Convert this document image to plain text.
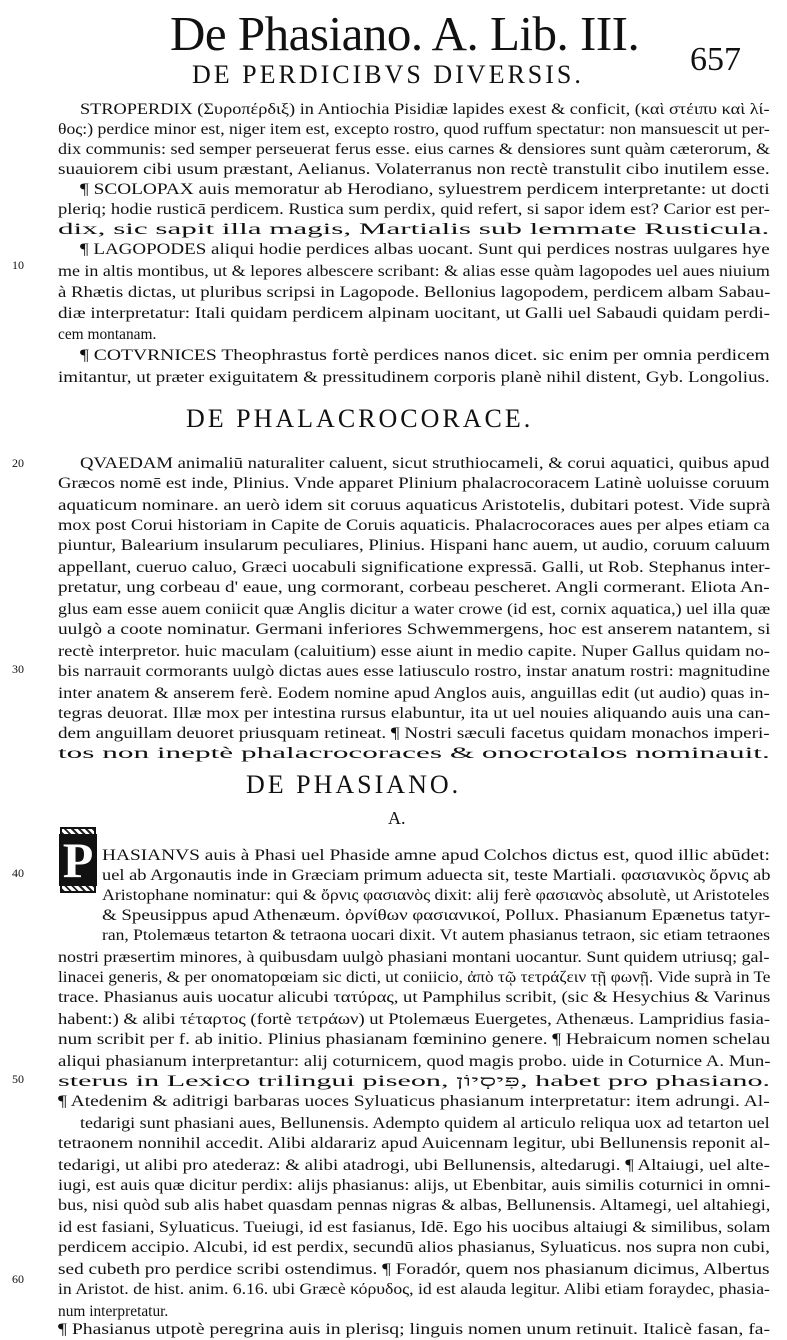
De Phasiano. A. Lib. III. 657
DE PERDICIBVS DIVERSIS.
DE PHALACROCORACE.
DE PHASIANO.
A.
P
10
20
30
40
50
60
STROPERDIX (Συροπέρδιξ) in Antiochia Pisidiæ lapides exest & conficit, (καὶ στέιπυ καὶ λί-
θος:) perdice minor est, niger item est, excepto rostro, quod ruffum spectatur: non mansuescit ut per-
dix communis: sed semper perseuerat ferus esse. eius carnes & densiores sunt quàm cæterorum, &
suauiorem cibi usum præstant, Aelianus. Volaterranus non rectè transtulit cibo inutilem esse.
¶ SCOLOPAX auis memoratur ab Herodiano, syluestrem perdicem interpretante: ut docti
pleriq; hodie rusticā perdicem. Rustica sum perdix, quid refert, si sapor idem est? Carior est per-
dix, sic sapit illa magis, Martialis sub lemmate Rusticula.
¶ LAGOPODES aliqui hodie perdices albas uocant. Sunt qui perdices nostras uulgares hye
me in altis montibus, ut & lepores albescere scribant: & alias esse quàm lagopodes uel aues niuium
à Rhætis dictas, ut pluribus scripsi in Lagopode. Bellonius lagopodem, perdicem albam Sabau-
diæ interpretatur: Itali quidam perdicem alpinam uocitant, ut Galli uel Sabaudi quidam perdi-
cem montanam.
¶ COTVRNICES Theophrastus fortè perdices nanos dicet. sic enim per omnia perdicem
imitantur, ut præter exiguitatem & pressitudinem corporis planè nihil distent, Gyb. Longolius.
QVAEDAM animaliū naturaliter caluent, sicut struthiocameli, & corui aquatici, quibus apud
Græcos nomē est inde, Plinius. Vnde apparet Plinium phalacrocoracem Latinè uoluisse coruum
aquaticum nominare. an uerò idem sit coruus aquaticus Aristotelis, dubitari potest. Vide suprà
mox post Corui historiam in Capite de Coruis aquaticis. Phalacrocoraces aues per alpes etiam ca
piuntur, Balearium insularum peculiares, Plinius. Hispani hanc auem, ut audio, coruum caluum
appellant, cueruo caluo, Græci uocabuli significatione expressā. Galli, ut Rob. Stephanus inter-
pretatur, ung corbeau d' eaue, ung cormorant, corbeau pescheret. Angli cormerant. Eliota An-
glus eam esse auem coniicit quæ Anglis dicitur a water crowe (id est, cornix aquatica,) uel illa quæ
uulgò a coote nominatur. Germani inferiores Schwemmergens, hoc est anserem natantem, si
rectè interpretor. huic maculam (caluitium) esse aiunt in medio capite. Nuper Gallus quidam no-
bis narrauit cormorants uulgò dictas aues esse latiusculo rostro, instar anatum rostri: magnitudine
inter anatem & anserem ferè. Eodem nomine apud Anglos auis, anguillas edit (ut audio) quas in-
tegras deuorat. Illæ mox per intestina rursus elabuntur, ita ut uel nouies aliquando auis una can-
dem anguillam deuoret priusquam retineat. ¶ Nostri sæculi facetus quidam monachos imperi-
tos non ineptè phalacrocoraces & onocrotalos nominauit.
HASIANVS auis à Phasi uel Phaside amne apud Colchos dictus est, quod illic abūdet:
uel ab Argonautis inde in Græciam primum aduecta sit, teste Martiali. φασιανικὸς ὄρνις ab
Aristophane nominatur: qui & ὄρνις φασιανὸς dixit: alij ferè φασιανὸς absolutè, ut Aristoteles
& Speusippus apud Athenæum. ὀρνίθων φασιανικοί, Pollux. Phasianum Epænetus tatyr-
ran, Ptolemæus tetarton & tetraona uocari dixit. Vt autem phasianus tetraon, sic etiam tetraones
nostri præsertim minores, à quibusdam uulgò phasiani montani uocantur. Sunt quidem utriusq; gal-
linacei generis, & per onomatopœiam sic dicti, ut coniicio, ἀπὸ τῷ τετράζειν τῇ φωνῇ. Vide suprà in Te
trace. Phasianus auis uocatur alicubi τατύρας, ut Pamphilus scribit, (sic & Hesychius & Varinus
habent:) & alibi τέταρτος (fortè τετράων) ut Ptolemæus Euergetes, Athenæus. Lampridius fasia-
num scribit per f. ab initio. Plinius phasianam fœminino genere. ¶ Hebraicum nomen schelau
aliqui phasianum interpretantur: alij coturnicem, quod magis probo. uide in Coturnice A. Mun-
sterus in Lexico trilingui piseon, פִּיסְיוֹן, habet pro phasiano.
¶ Atedenim & aditrigi barbaras uoces Syluaticus phasianum interpretatur: item adrungi. Al-
tedarigi sunt phasiani aues, Bellunensis. Adempto quidem al articulo reliqua uox ad tetarton uel
tetraonem nonnihil accedit. Alibi aldarariz apud Auicennam legitur, ubi Bellunensis reponit al-
tedarigi, ut alibi pro atederaz: & alibi atadrogi, ubi Bellunensis, altedarugi. ¶ Altaiugi, uel alte-
iugi, est auis quæ dicitur perdix: alijs phasianus: alijs, ut Ebenbitar, auis similis coturnici in omni-
bus, nisi quòd sub alis habet quasdam pennas nigras & albas, Bellunensis. Altamegi, uel altahiegi,
id est fasiani, Syluaticus. Tueiugi, id est fasianus, Idē. Ego his uocibus altaiugi & similibus, solam
perdicem accipio. Alcubi, id est perdix, secundū alios phasianus, Syluaticus. nos supra non cubi,
sed cubeth pro perdice scribi ostendimus. ¶ Foradór, quem nos phasianum dicimus, Albertus
in Aristot. de hist. anim. 6.16. ubi Græcè κόρυδος, id est alauda legitur. Alibi etiam foraydec, phasia-
num interpretatur.
¶ Phasianus utpotè peregrina auis in plerisq; linguis nomen unum retinuit. Italicè fasan, fa-
